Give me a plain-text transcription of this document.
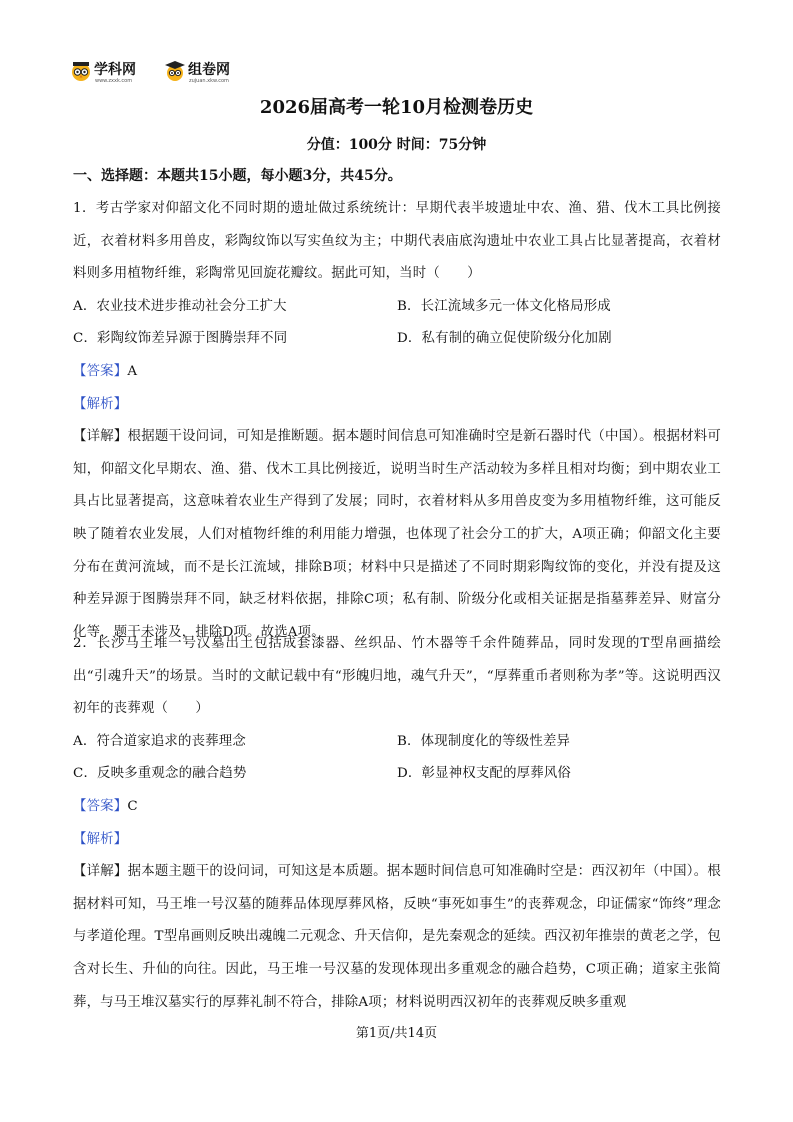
学科网
www.zxxk.com
组卷网
zujuan.xkw.com
2026届高考一轮10月检测卷历史
分值：100分 时间：75分钟
一、选择题：本题共15小题，每小题3分，共45分。

1．考古学家对仰韶文化不同时期的遗址做过系统统计：早期代表半坡遗址中农、渔、猎、伐木工具比例接近，衣着材料多用兽皮，彩陶纹饰以写实鱼纹为主；中期代表庙底沟遗址中农业工具占比显著提高，衣着材料则多用植物纤维，彩陶常见回旋花瓣纹。据此可知，当时（　　）

A．农业技术进步推动社会分工扩大	B．长江流域多元一体文化格局形成
C．彩陶纹饰差异源于图腾崇拜不同	D．私有制的确立促使阶级分化加剧

【答案】A

【解析】

【详解】根据题干设问词，可知是推断题。据本题时间信息可知准确时空是新石器时代（中国）。根据材料可知，仰韶文化早期农、渔、猎、伐木工具比例接近，说明当时生产活动较为多样且相对均衡；到中期农业工具占比显著提高，这意味着农业生产得到了发展；同时，衣着材料从多用兽皮变为多用植物纤维，这可能反映了随着农业发展，人们对植物纤维的利用能力增强，也体现了社会分工的扩大，A项正确；仰韶文化主要分布在黄河流域，而不是长江流域，排除B项；材料中只是描述了不同时期彩陶纹饰的变化，并没有提及这种差异源于图腾崇拜不同，缺乏材料依据，排除C项；私有制、阶级分化或相关证据是指墓葬差异、财富分化等，题干未涉及，排除D项。故选A项。

2．长沙马王堆一号汉墓出土包括成套漆器、丝织品、竹木器等千余件随葬品，同时发现的T型帛画描绘出“引魂升天”的场景。当时的文献记载中有“形魄归地，魂气升天”，“厚葬重币者则称为孝”等。这说明西汉初年的丧葬观（　　）

A．符合道家追求的丧葬理念	B．体现制度化的等级性差异
C．反映多重观念的融合趋势	D．彰显神权支配的厚葬风俗

【答案】C

【解析】

【详解】据本题主题干的设问词，可知这是本质题。据本题时间信息可知准确时空是：西汉初年（中国）。根据材料可知，马王堆一号汉墓的随葬品体现厚葬风格，反映“事死如事生”的丧葬观念，印证儒家“饰终”理念与孝道伦理。T型帛画则反映出魂魄二元观念、升天信仰，是先秦观念的延续。西汉初年推崇的黄老之学，包含对长生、升仙的向往。因此，马王堆一号汉墓的发现体现出多重观念的融合趋势，C项正确；道家主张简葬，与马王堆汉墓实行的厚葬礼制不符合，排除A项；材料说明西汉初年的丧葬观反映多重观

第1页/共14页
